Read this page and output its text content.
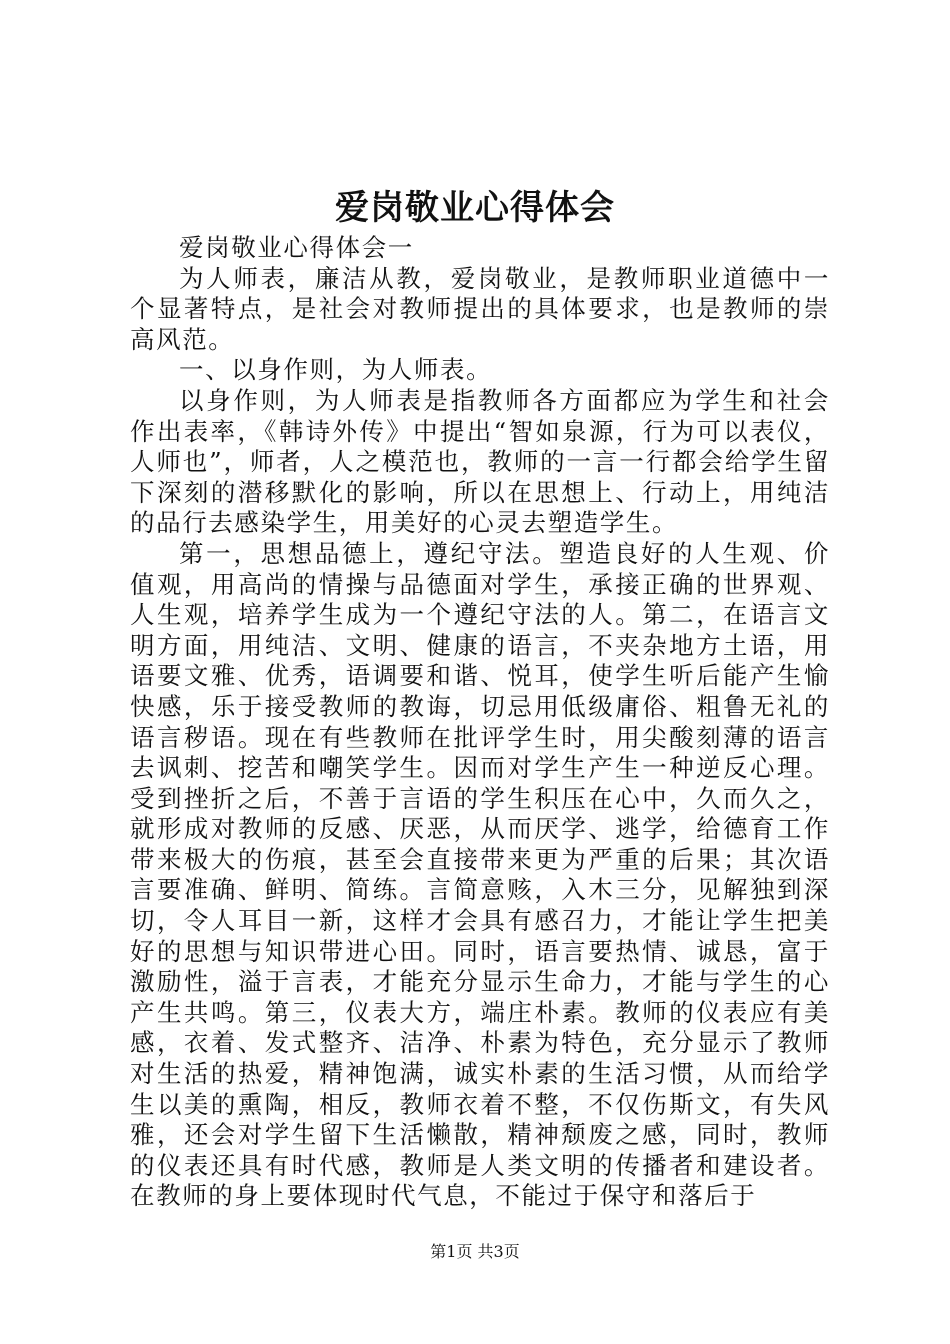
爱岗敬业心得体会

爱岗敬业心得体会一

为人师表，廉洁从教，爱岗敬业，是教师职业道德中一个显著特点，是社会对教师提出的具体要求，也是教师的崇高风范。

一、以身作则，为人师表。

以身作则，为人师表是指教师各方面都应为学生和社会作出表率，《韩诗外传》中提出“智如泉源，行为可以表仪，人师也”，师者，人之模范也，教师的一言一行都会给学生留下深刻的潜移默化的影响，所以在思想上、行动上，用纯洁的品行去感染学生，用美好的心灵去塑造学生。

第一，思想品德上，遵纪守法。塑造良好的人生观、价值观，用高尚的情操与品德面对学生，承接正确的世界观、人生观，培养学生成为一个遵纪守法的人。第二，在语言文明方面，用纯洁、文明、健康的语言，不夹杂地方土语，用语要文雅、优秀，语调要和谐、悦耳，使学生听后能产生愉快感，乐于接受教师的教诲，切忌用低级庸俗、粗鲁无礼的语言秽语。现在有些教师在批评学生时，用尖酸刻薄的语言去讽刺、挖苦和嘲笑学生。因而对学生产生一种逆反心理。受到挫折之后，不善于言语的学生积压在心中，久而久之，就形成对教师的反感、厌恶，从而厌学、逃学，给德育工作带来极大的伤痕，甚至会直接带来更为严重的后果；其次语言要准确、鲜明、简练。言简意赅，入木三分，见解独到深切，令人耳目一新，这样才会具有感召力，才能让学生把美好的思想与知识带进心田。同时，语言要热情、诚恳，富于激励性，溢于言表，才能充分显示生命力，才能与学生的心产生共鸣。第三，仪表大方，端庄朴素。教师的仪表应有美感，衣着、发式整齐、洁净、朴素为特色，充分显示了教师对生活的热爱，精神饱满，诚实朴素的生活习惯，从而给学生以美的熏陶，相反，教师衣着不整，不仅伤斯文，有失风雅，还会对学生留下生活懒散，精神颓废之感，同时，教师的仪表还具有时代感，教师是人类文明的传播者和建设者。在教师的身上要体现时代气息，不能过于保守和落后于

第1页 共3页
